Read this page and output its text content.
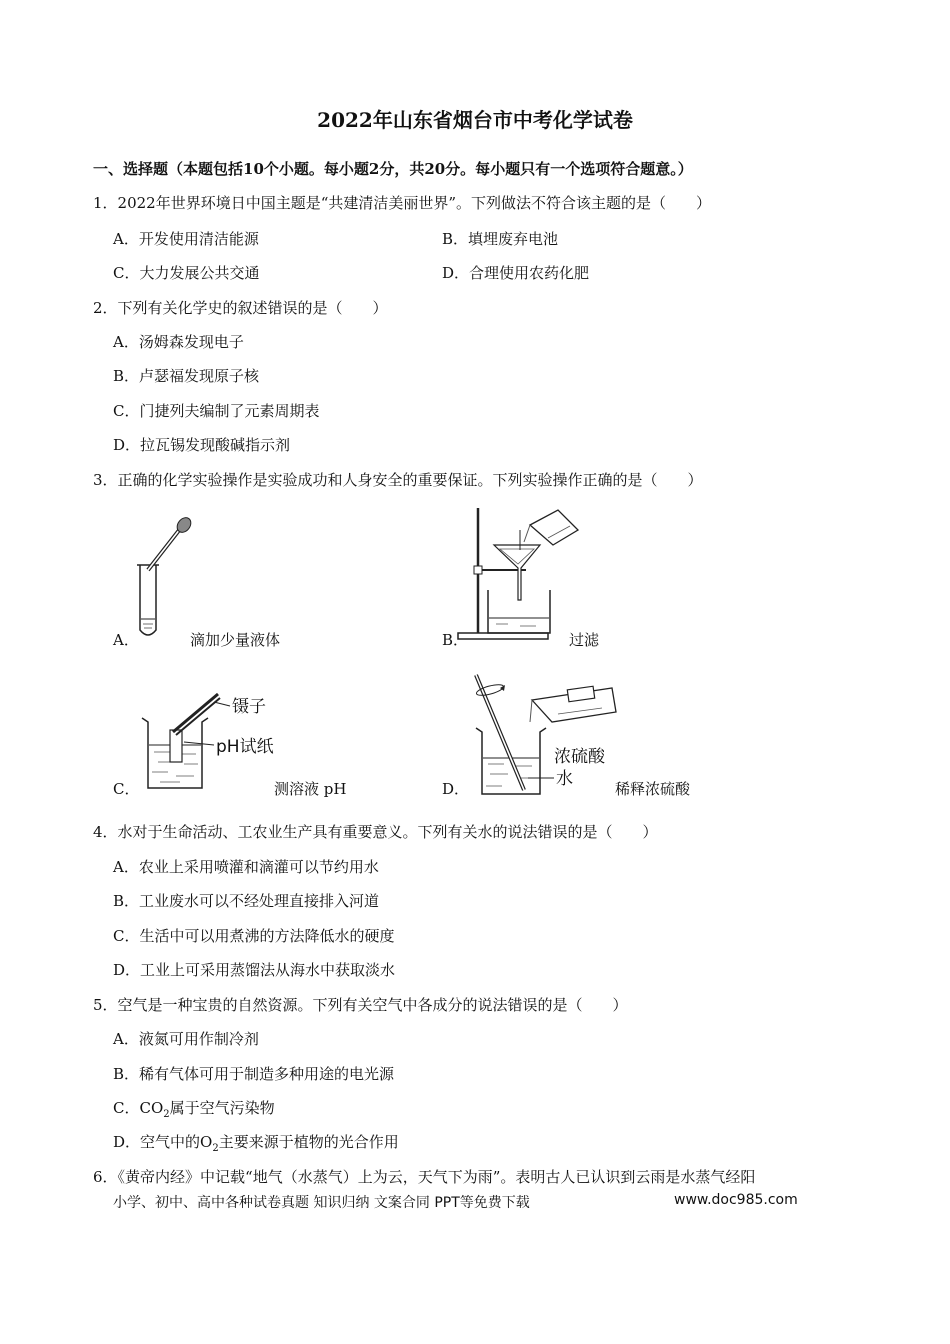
2022年山东省烟台市中考化学试卷
一、选择题（本题包括10个小题。每小题2分，共20分。每小题只有一个选项符合题意。）
1．2022年世界环境日中国主题是“共建清洁美丽世界”。下列做法不符合该主题的是（　　）
A．开发使用清洁能源	B．填埋废弃电池
C．大力发展公共交通	D．合理使用农药化肥
2．下列有关化学史的叙述错误的是（　　）
A．汤姆森发现电子
B．卢瑟福发现原子核
C．门捷列夫编制了元素周期表
D．拉瓦锡发现酸碱指示剂
3．正确的化学实验操作是实验成功和人身安全的重要保证。下列实验操作正确的是（　　）
A．	滴加少量液体	B．	过滤
镊子
pH试纸
C．	测溶液 pH
浓硫酸
水
D．	稀释浓硫酸
4．水对于生命活动、工农业生产具有重要意义。下列有关水的说法错误的是（　　）
A．农业上采用喷灌和滴灌可以节约用水
B．工业废水可以不经处理直接排入河道
C．生活中可以用煮沸的方法降低水的硬度
D．工业上可采用蒸馏法从海水中获取淡水
5．空气是一种宝贵的自然资源。下列有关空气中各成分的说法错误的是（　　）
A．液氮可用作制冷剂
B．稀有气体可用于制造多种用途的电光源
C．$CO_2$属于空气污染物
D．空气中的$O_2$主要来源于植物的光合作用
6．《黄帝内经》中记载“地气（水蒸气）上为云，天气下为雨”。表明古人已认识到云雨是水蒸气经阳
小学、初中、高中各种试卷真题 知识归纳 文案合同 PPT等免费下载	www.doc985.com
